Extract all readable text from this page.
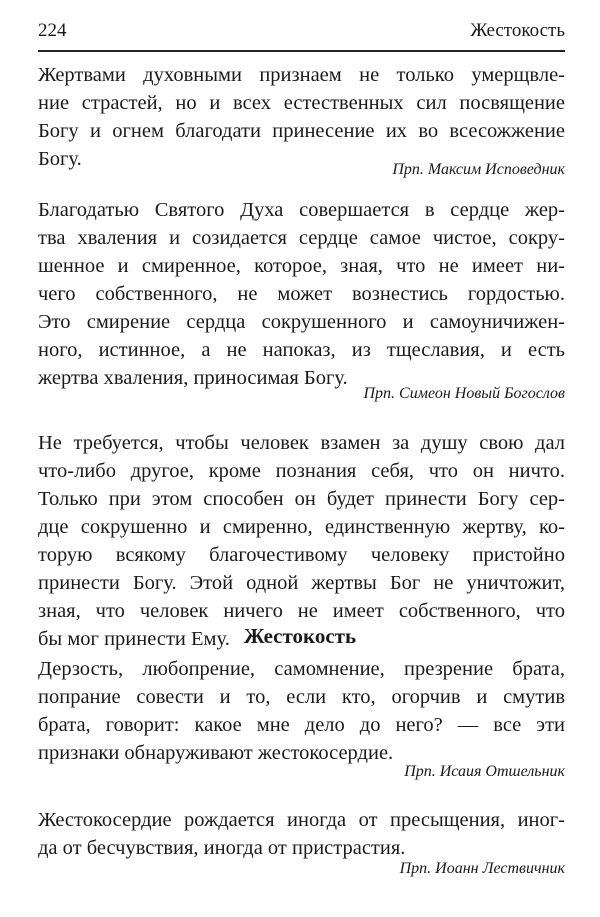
224	Жестокость
Жертвами духовными признаем не только умерщвле-
ние страстей, но и всех естественных сил посвящение
Богу и огнем благодати принесение их во всесожжение
Богу.	Прп. Максим Исповедник
Благодатью Святого Духа совершается в сердце жер-
тва хваления и созидается сердце самое чистое, сокру-
шенное и смиренное, которое, зная, что не имеет ни-
чего собственного, не может вознестись гордостью.
Это смирение сердца сокрушенного и самоуничижен-
ного, истинное, а не напоказ, из тщеславия, и есть
жертва хваления, приносимая Богу.
Прп. Симеон Новый Богослов
Не требуется, чтобы человек взамен за душу свою дал
что-либо другое, кроме познания себя, что он ничто.
Только при этом способен он будет принести Богу сер-
дце сокрушенно и смиренно, единственную жертву, ко-
торую всякому благочестивому человеку пристойно
принести Богу. Этой одной жертвы Бог не уничтожит,
зная, что человек ничего не имеет собственного, что
бы мог принести Ему. Жестокость
Дерзость, любопрение, самомнение, презрение брата,
попрание совести и то, если кто, огорчив и смутив
брата, говорит: какое мне дело до него? — все эти
признаки обнаруживают жестокосердие.
Прп. Исаия Отшельник
Жестокосердие рождается иногда от пресыщения, иног-
да от бесчувствия, иногда от пристрастия.
Прп. Иоанн Лествичник
